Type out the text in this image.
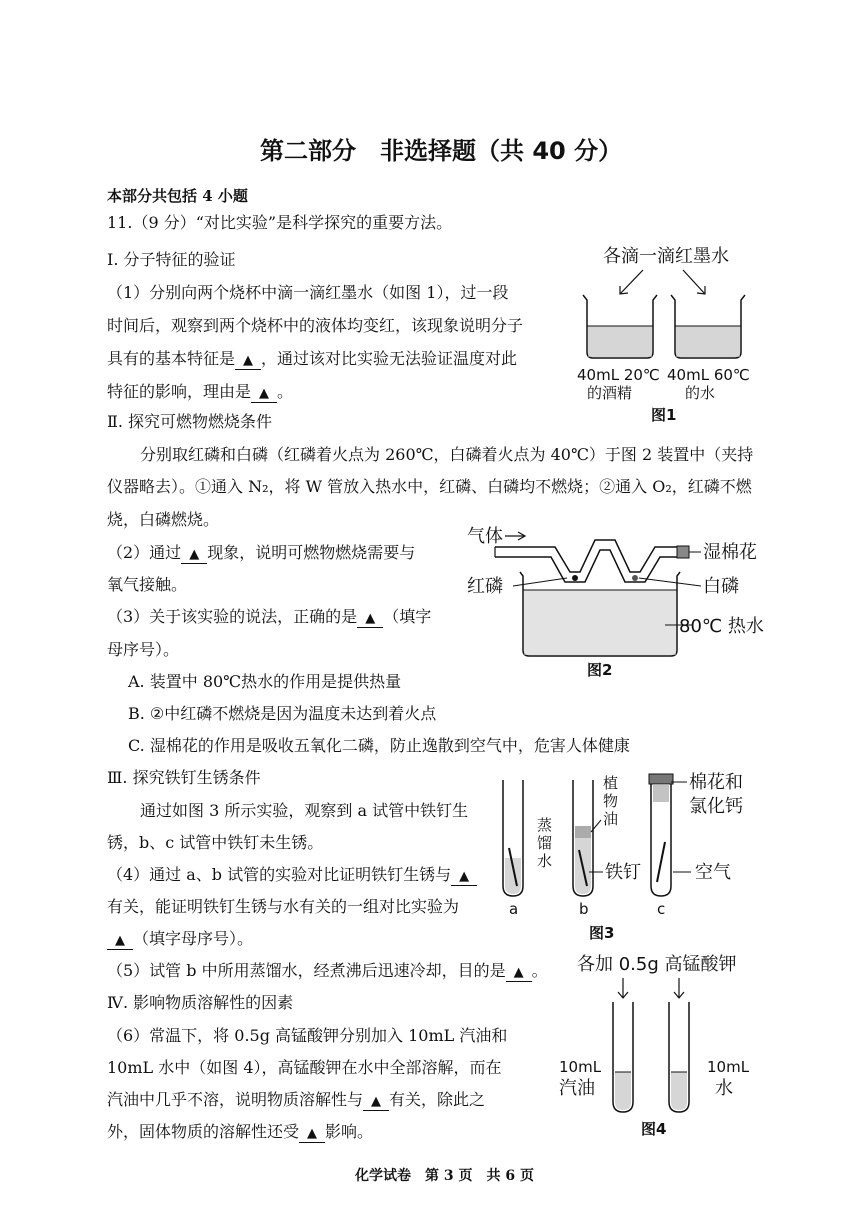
第二部分　非选择题（共 40 分）
本部分共包括 4 小题
11.（9 分）“对比实验”是科学探究的重要方法。
Ⅰ. 分子特征的验证
（1）分别向两个烧杯中滴一滴红墨水（如图 1），过一段
时间后，观察到两个烧杯中的液体均变红，该现象说明分子
具有的基本特征是 ▲ ，通过该对比实验无法验证温度对此
特征的影响，理由是 ▲ 。
各滴一滴红墨水
40mL 20℃
的酒精
40mL 60℃
的水
图1
Ⅱ. 探究可燃物燃烧条件
分别取红磷和白磷（红磷着火点为 260℃，白磷着火点为 40℃）于图 2 装置中（夹持
仪器略去）。①通入 N₂，将 W 管放入热水中，红磷、白磷均不燃烧；②通入 O₂，红磷不燃
烧，白磷燃烧。
（2）通过 ▲ 现象，说明可燃物燃烧需要与
氧气接触。
（3）关于该实验的说法，正确的是 ▲ （填字
母序号）。
A. 装置中 80℃热水的作用是提供热量
B. ②中红磷不燃烧是因为温度未达到着火点
C. 湿棉花的作用是吸收五氧化二磷，防止逸散到空气中，危害人体健康
气体
湿棉花
红磷	白磷
80℃ 热水
图2
Ⅲ. 探究铁钉生锈条件
通过如图 3 所示实验，观察到 a 试管中铁钉生
锈，b、c 试管中铁钉未生锈。
（4）通过 a、b 试管的实验对比证明铁钉生锈与 ▲
有关，能证明铁钉生锈与水有关的一组对比实验为
▲ （填字母序号）。
（5）试管 b 中所用蒸馏水，经煮沸后迅速冷却，目的是 ▲ 。
蒸
馏
水
植
物
油
铁钉
棉花和
氯化钙
空气
a	b	c
图3
Ⅳ. 影响物质溶解性的因素
（6）常温下，将 0.5g 高锰酸钾分别加入 10mL 汽油和
10mL 水中（如图 4），高锰酸钾在水中全部溶解，而在
汽油中几乎不溶，说明物质溶解性与 ▲ 有关，除此之
外，固体物质的溶解性还受 ▲ 影响。
各加 0.5g 高锰酸钾
10mL
汽油
10mL
水
图4
化学试卷　第 3 页　共 6 页
